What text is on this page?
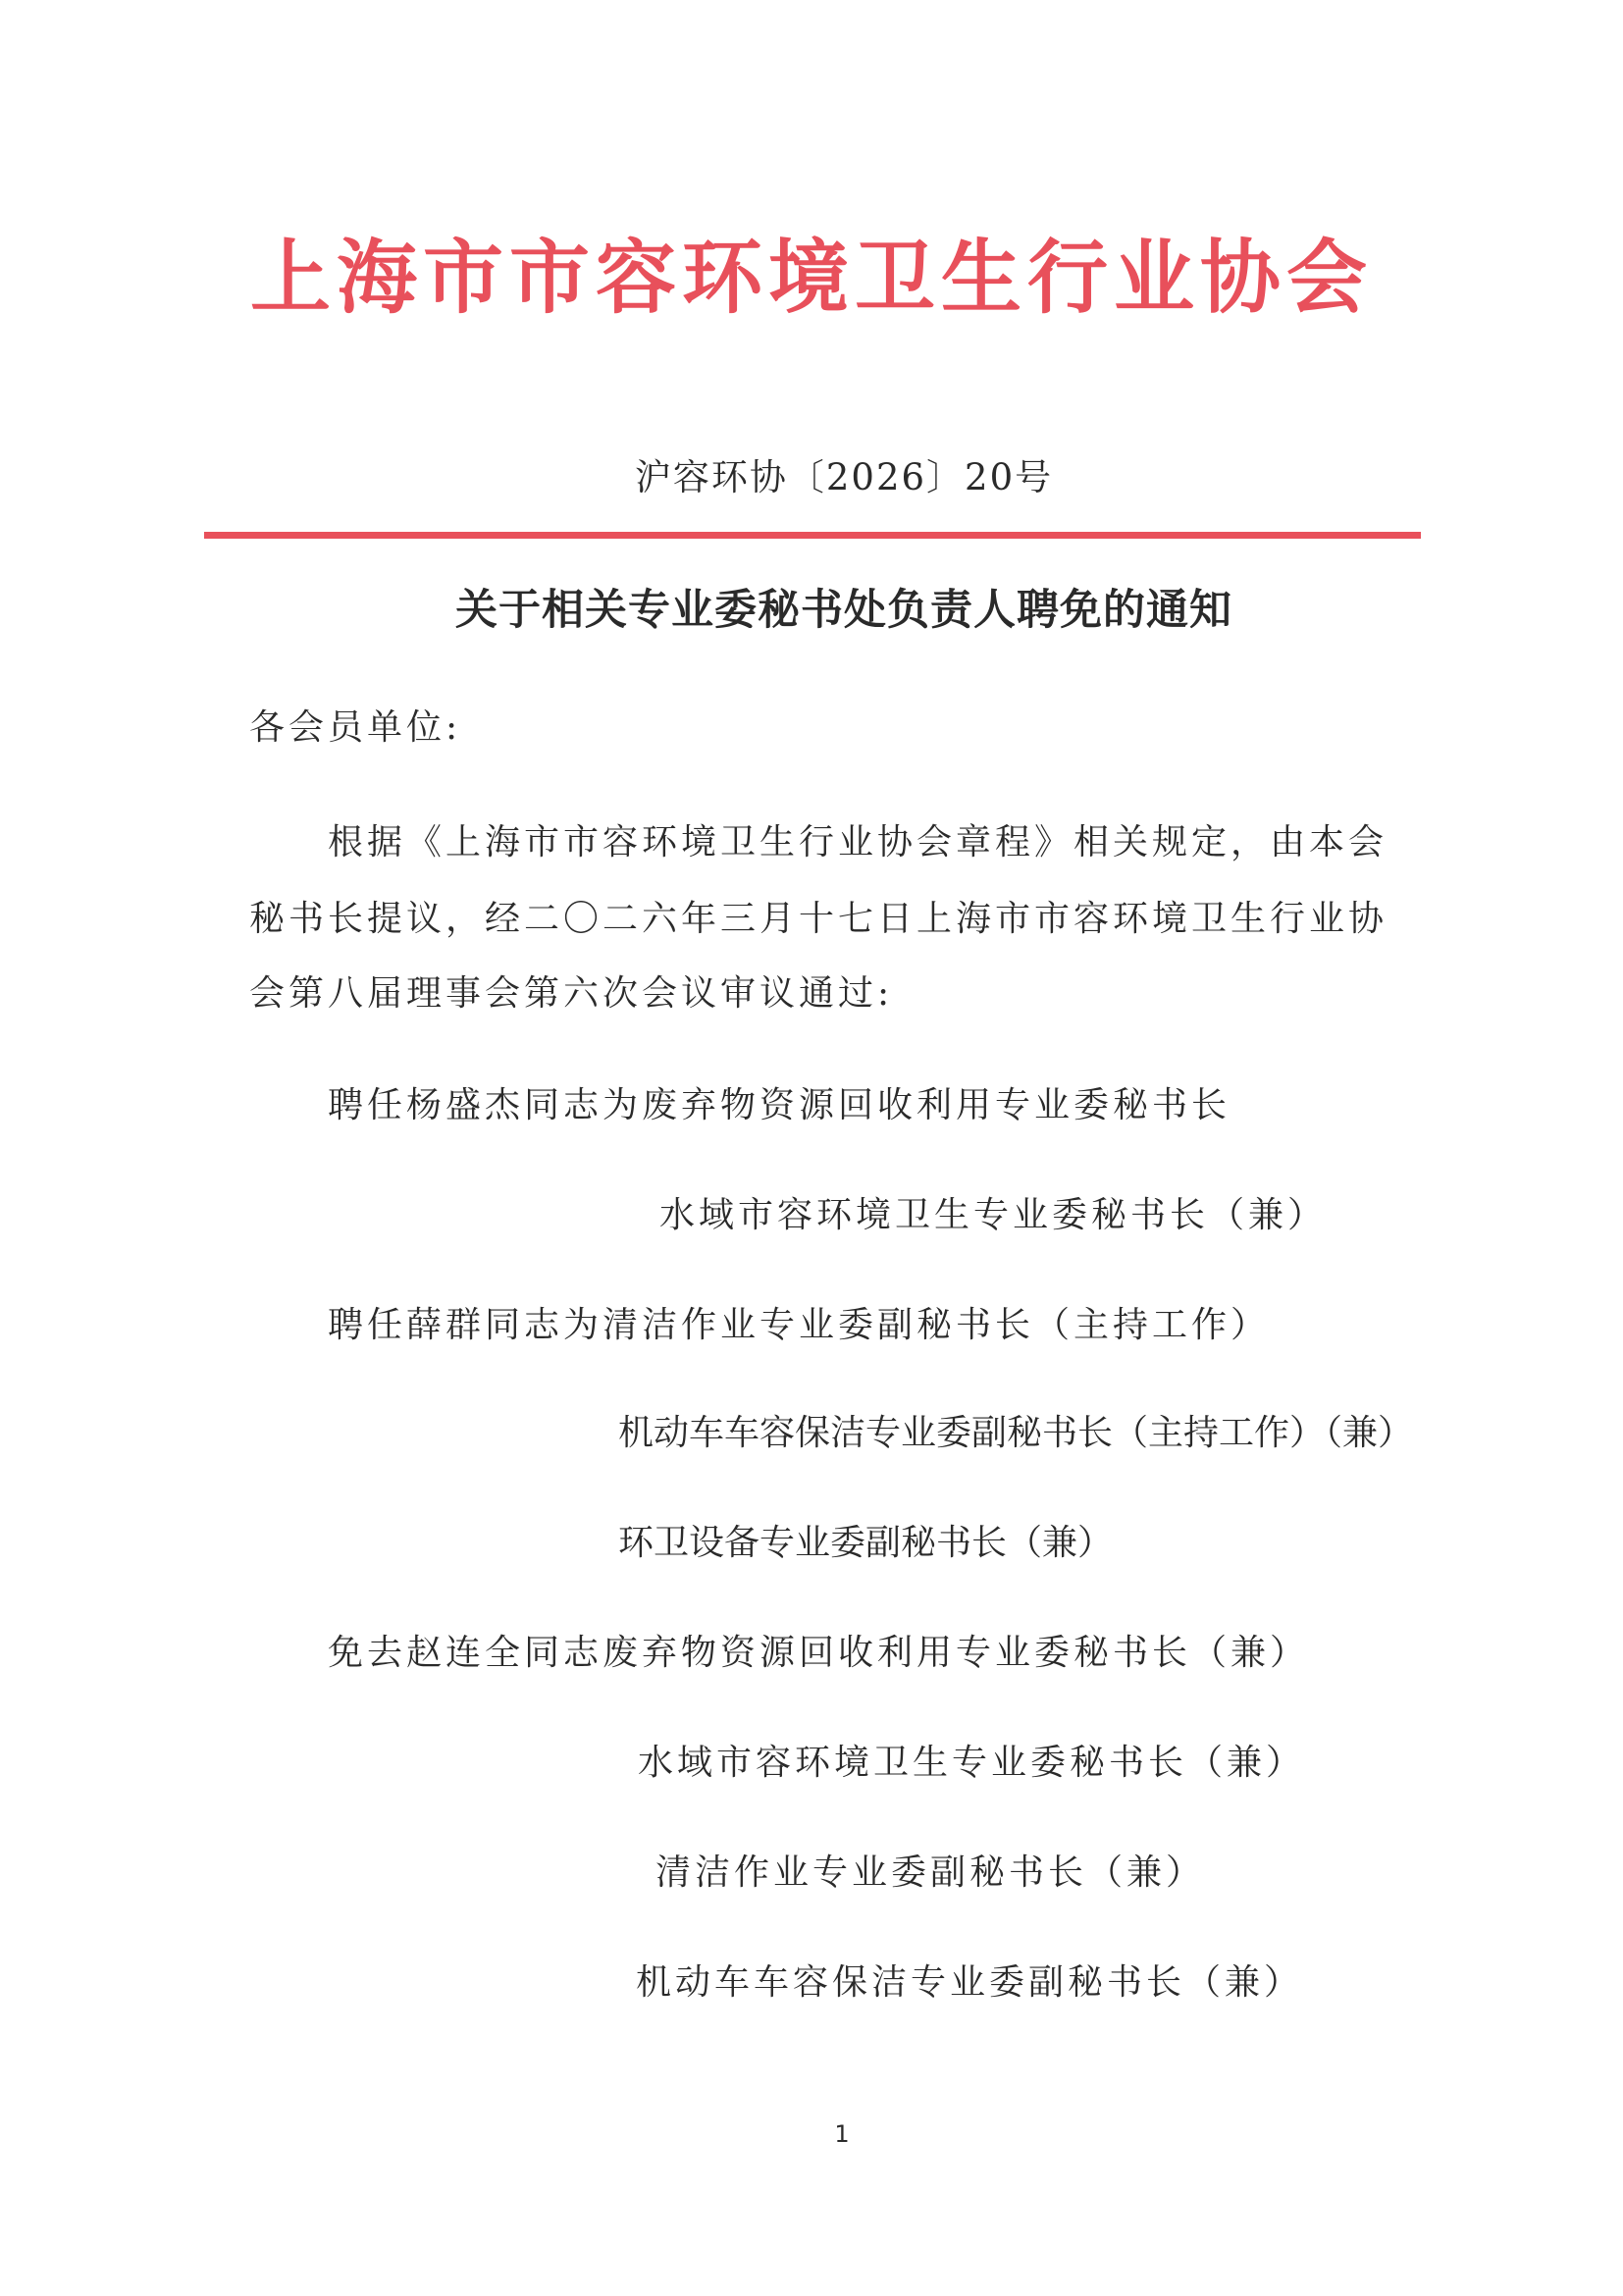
上海市市容环境卫生行业协会
沪容环协〔2026〕20号
关于相关专业委秘书处负责人聘免的通知
各会员单位:
根据《上海市市容环境卫生行业协会章程》相关规定，由本会
秘书长提议，经二〇二六年三月十七日上海市市容环境卫生行业协
会第八届理事会第六次会议审议通过:
聘任杨盛杰同志为废弃物资源回收利用专业委秘书长
水域市容环境卫生专业委秘书长（兼）
聘任薛群同志为清洁作业专业委副秘书长（主持工作）
机动车车容保洁专业委副秘书长（主持工作）（兼）
环卫设备专业委副秘书长（兼）
免去赵连全同志废弃物资源回收利用专业委秘书长（兼）
水域市容环境卫生专业委秘书长（兼）
清洁作业专业委副秘书长（兼）
机动车车容保洁专业委副秘书长（兼）
1
